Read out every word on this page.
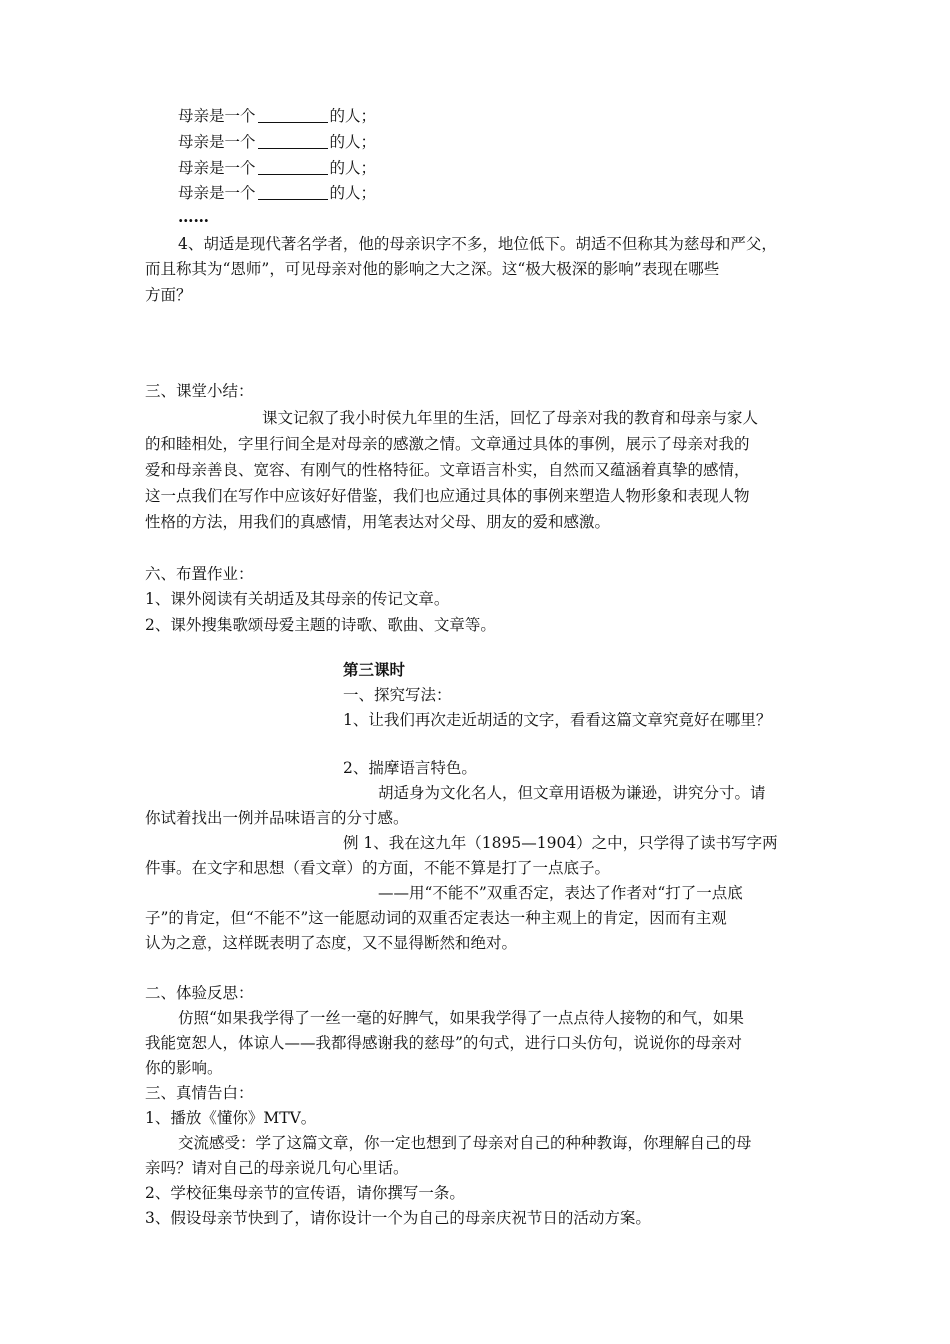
母亲是一个	的人；
母亲是一个	的人；
母亲是一个	的人；
母亲是一个	的人；
……
4、胡适是现代著名学者，他的母亲识字不多，地位低下。胡适不但称其为慈母和严父，
而且称其为“恩师”，可见母亲对他的影响之大之深。这“极大极深的影响”表现在哪些
方面？
三、课堂小结：
课文记叙了我小时侯九年里的生活，回忆了母亲对我的教育和母亲与家人
的和睦相处，字里行间全是对母亲的感激之情。文章通过具体的事例，展示了母亲对我的
爱和母亲善良、宽容、有刚气的性格特征。文章语言朴实，自然而又蕴涵着真挚的感情，
这一点我们在写作中应该好好借鉴，我们也应通过具体的事例来塑造人物形象和表现人物
性格的方法，用我们的真感情，用笔表达对父母、朋友的爱和感激。
六、布置作业：
1、课外阅读有关胡适及其母亲的传记文章。
2、课外搜集歌颂母爱主题的诗歌、歌曲、文章等。
第三课时
一、探究写法：
1、让我们再次走近胡适的文字，看看这篇文章究竟好在哪里？
2、揣摩语言特色。
胡适身为文化名人，但文章用语极为谦逊，讲究分寸。请
你试着找出一例并品味语言的分寸感。
例 1、我在这九年（1895—1904）之中，只学得了读书写字两
件事。在文字和思想（看文章）的方面，不能不算是打了一点底子。
——用“不能不”双重否定，表达了作者对“打了一点底
子”的肯定，但“不能不”这一能愿动词的双重否定表达一种主观上的肯定，因而有主观
认为之意，这样既表明了态度，又不显得断然和绝对。
二、体验反思：
仿照“如果我学得了一丝一毫的好脾气，如果我学得了一点点待人接物的和气，如果
我能宽恕人，体谅人——我都得感谢我的慈母”的句式，进行口头仿句，说说你的母亲对
你的影响。
三、真情告白：
1、播放《懂你》MTV。
交流感受：学了这篇文章，你一定也想到了母亲对自己的种种教诲，你理解自己的母
亲吗？请对自己的母亲说几句心里话。
2、学校征集母亲节的宣传语，请你撰写一条。
3、假设母亲节快到了，请你设计一个为自己的母亲庆祝节日的活动方案。
